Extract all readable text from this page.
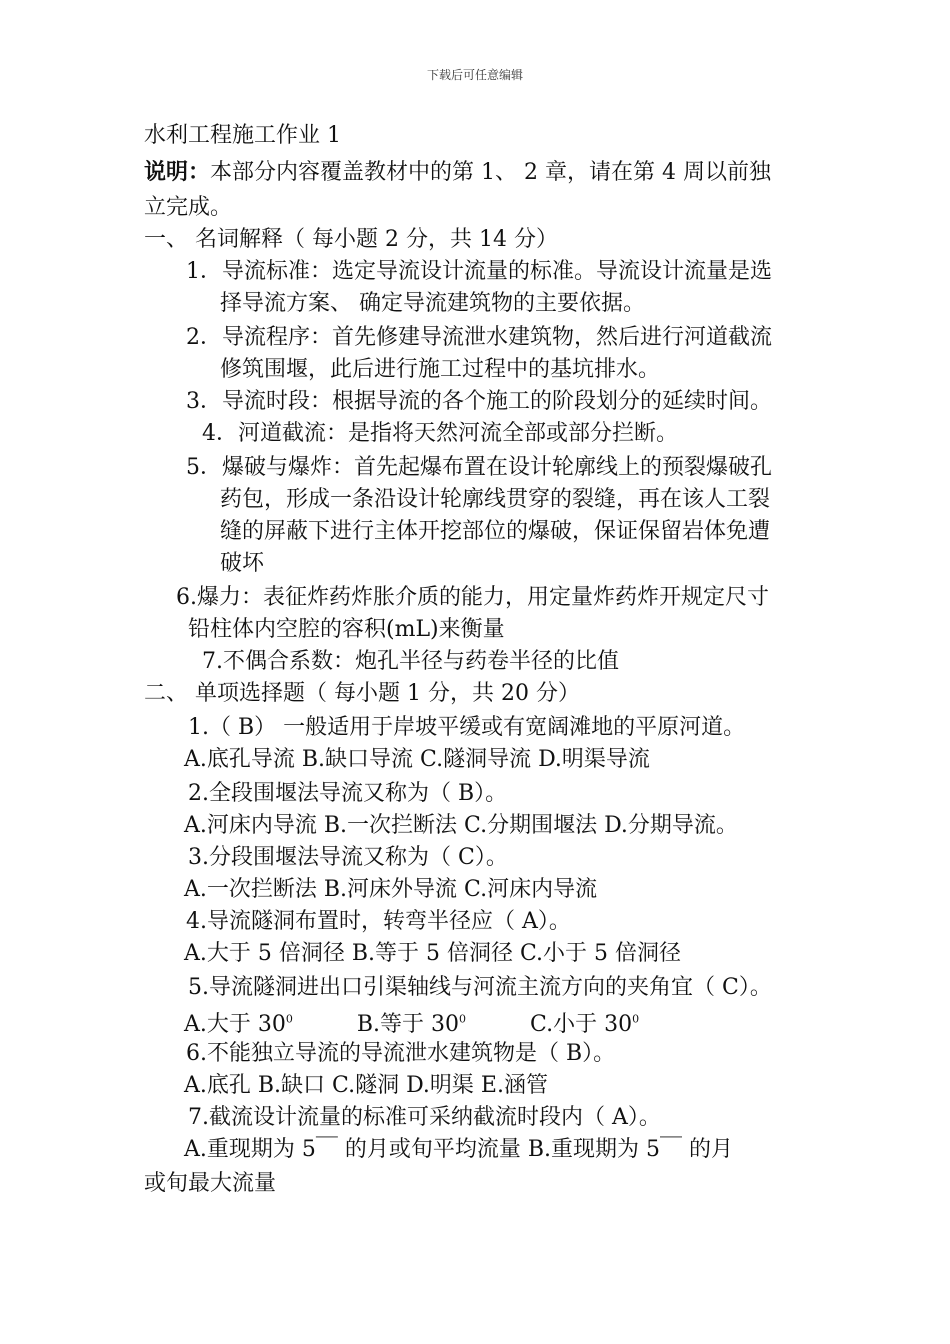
下载后可任意编辑
水利工程施工作业 1
说明：本部分内容覆盖教材中的第 1、 2 章，请在第 4 周以前独
立完成。
一、 名词解释（ 每小题 2 分，共 14 分）
1．导流标准：选定导流设计流量的标准。导流设计流量是选
择导流方案、 确定导流建筑物的主要依据。
2．导流程序：首先修建导流泄水建筑物，然后进行河道截流
修筑围堰，此后进行施工过程中的基坑排水。
3．导流时段：根据导流的各个施工的阶段划分的延续时间。
4．河道截流：是指将天然河流全部或部分拦断。
5．爆破与爆炸：首先起爆布置在设计轮廓线上的预裂爆破孔
药包，形成一条沿设计轮廓线贯穿的裂缝，再在该人工裂
缝的屏蔽下进行主体开挖部位的爆破，保证保留岩体免遭
破坏
6.爆力：表征炸药炸胀介质的能力，用定量炸药炸开规定尺寸
铅柱体内空腔的容积(mL)来衡量
7.不偶合系数：炮孔半径与药卷半径的比值
二、 单项选择题（ 每小题 1 分，共 20 分）
1.（ B） 一般适用于岸坡平缓或有宽阔滩地的平原河道。
A.底孔导流 B.缺口导流 C.隧洞导流 D.明渠导流
2.全段围堰法导流又称为（ B）。
A.河床内导流 B.一次拦断法 C.分期围堰法 D.分期导流。
3.分段围堰法导流又称为（ C）。
A.一次拦断法 B.河床外导流 C.河床内导流
4.导流隧洞布置时，转弯半径应（ A）。
A.大于 5 倍洞径 B.等于 5 倍洞径 C.小于 5 倍洞径
5.导流隧洞进出口引渠轴线与河流主流方向的夹角宜（ C）。
A.大于 $30^0$	B.等于 $30^0$	C.小于 $30^0$
6.不能独立导流的导流泄水建筑物是（ B）。
A.底孔 B.缺口 C.隧洞 D.明渠 E.涵管
7.截流设计流量的标准可采纳截流时段内（ A）。
A.重现期为 5￣ 的月或旬平均流量 B.重现期为 5￣ 的月
或旬最大流量
